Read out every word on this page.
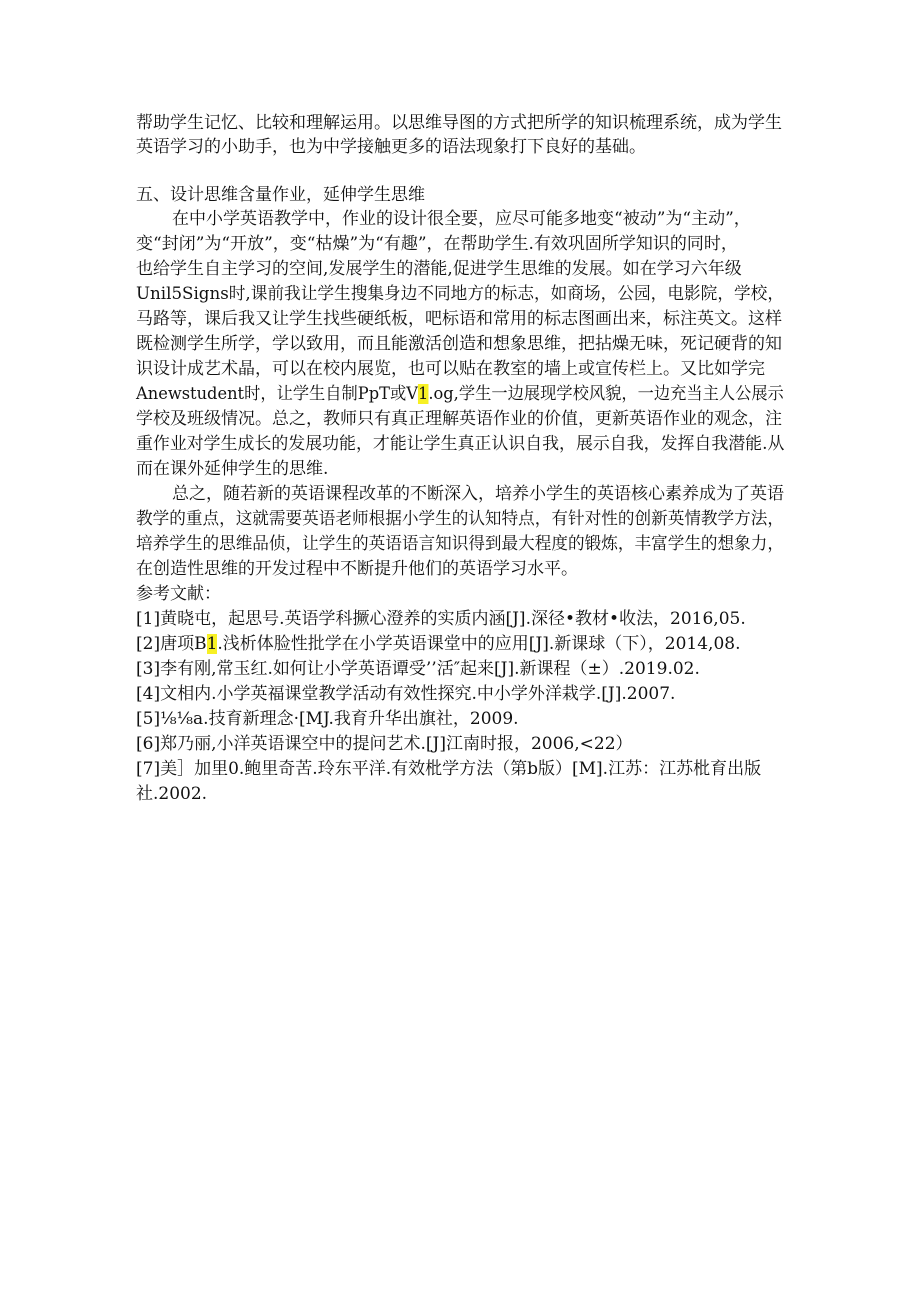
帮助学生记忆、比较和理解运用。以思维导图的方式把所学的知识梳理系统，成为学生
英语学习的小助手，也为中学接触更多的语法现象打下良好的基础。
五、设计思维含量作业，延伸学生思维
在中小学英语教学中，作业的设计很全要，应尽可能多地变“被动”为“主动”，
变“封闭”为“开放”，变“枯燥”为“有趣”，在帮助学生.有效巩固所学知识的同时，
也给学生自主学习的空间,发展学生的潜能,促进学生思维的发展。如在学习六年级
Unil5Signs时,课前我让学生搜集身边不同地方的标志，如商场，公园，电影院，学校，
马路等，课后我又让学生找些硬纸板，吧标语和常用的标志图画出来，标注英文。这样
既检测学生所学，学以致用，而且能激活创造和想象思维，把拈燥无味，死记硬背的知
识设计成艺术晶，可以在校内展览，也可以贴在教室的墙上或宣传栏上。又比如学完
Anewstudent时，让学生自制PpT或V1.og,学生一边展现学校风貌，一边充当主人公展示
学校及班级情况。总之，教师只有真正理解英语作业的价值，更新英语作业的观念，注
重作业对学生成长的发展功能，才能让学生真正认识自我，展示自我，发挥自我潜能.从
而在课外延伸学生的思维.
总之，随若新的英语课程改革的不断深入，培养小学生的英语核心素养成为了英语
教学的重点，这就需要英语老师根据小学生的认知特点，有针对性的创新英情教学方法，
培养学生的思维品侦，让学生的英语语言知识得到最大程度的锻炼，丰富学生的想象力，
在创造性思维的开发过程中不断提升他们的英语学习水平。
参考文献：
[1]黄晓屯，起思号.英语学科撅心澄养的实质内涵[J].深径•教材•收法，2016,05.
[2]唐项B1.浅析体脸性批学在小学英语课堂中的应用[J].新课球（下），2014,08.
[3]李有刚,常玉红.如何让小学英语谭受’’活″起来[J].新课程（±）.2019.02.
[4]文相内.小学英福课堂教学活动有效性探究.中小学外洋栽学.[J].2007.
[5]⅛⅛a.技育新理念·[MJ.我育升华出旗社，2009.
[6]郑乃丽,小洋英语课空中的提问艺术.[J]江南时报，2006,<22）
[7]美］加里0.鲍里奇苦.玲东平洋.有效枇学方法（第b版）[M].江苏：江苏枇育出版
社.2002.
